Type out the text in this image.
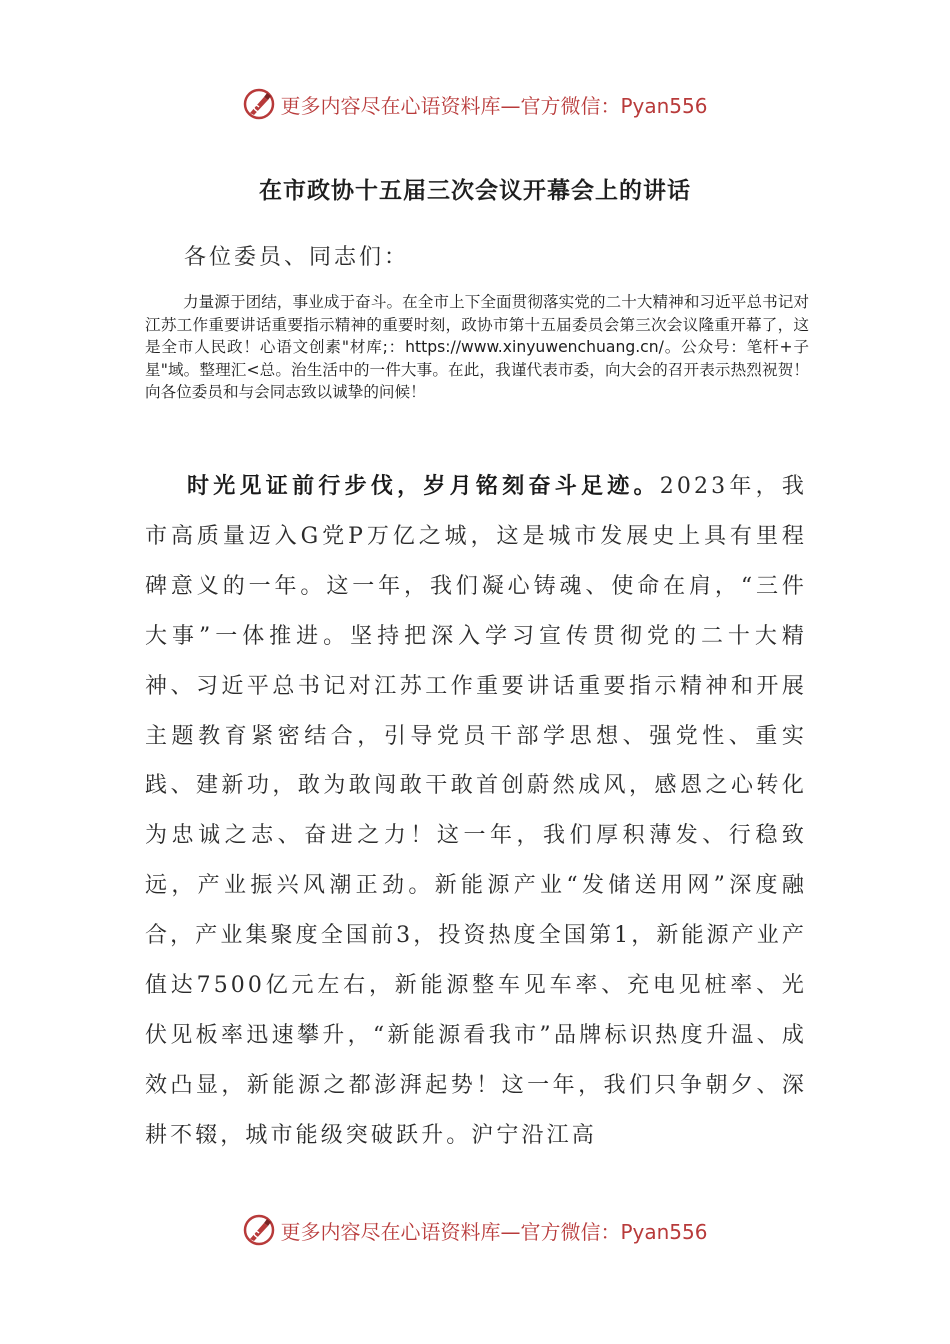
更多内容尽在心语资料库—官方微信：Pyan556
在市政协十五届三次会议开幕会上的讲话
各位委员、同志们：
力量源于团结，事业成于奋斗。在全市上下全面贯彻落实党的二十大精神和习近平总书记对江苏工作重要讲话重要指示精神的重要时刻，政协市第十五届委员会第三次会议隆重开幕了，这是全市人民政！心语文创素"材库;：https://www.xinyuwenchuang.cn/。公众号：笔杆+子星"域。整理汇<总。治生活中的一件大事。在此，我谨代表市委，向大会的召开表示热烈祝贺！向各位委员和与会同志致以诚挚的问候！
时光见证前行步伐，岁月铭刻奋斗足迹。2023年，我市高质量迈入G党P万亿之城，这是城市发展史上具有里程碑意义的一年。这一年，我们凝心铸魂、使命在肩，“三件大事”一体推进。坚持把深入学习宣传贯彻党的二十大精神、习近平总书记对江苏工作重要讲话重要指示精神和开展主题教育紧密结合，引导党员干部学思想、强党性、重实践、建新功，敢为敢闯敢干敢首创蔚然成风，感恩之心转化为忠诚之志、奋进之力！这一年，我们厚积薄发、行稳致远，产业振兴风潮正劲。新能源产业“发储送用网”深度融合，产业集聚度全国前3，投资热度全国第1，新能源产业产值达7500亿元左右，新能源整车见车率、充电见桩率、光伏见板率迅速攀升，“新能源看我市”品牌标识热度升温、成效凸显，新能源之都澎湃起势！这一年，我们只争朝夕、深耕不辍，城市能级突破跃升。沪宁沿江高
更多内容尽在心语资料库—官方微信：Pyan556
